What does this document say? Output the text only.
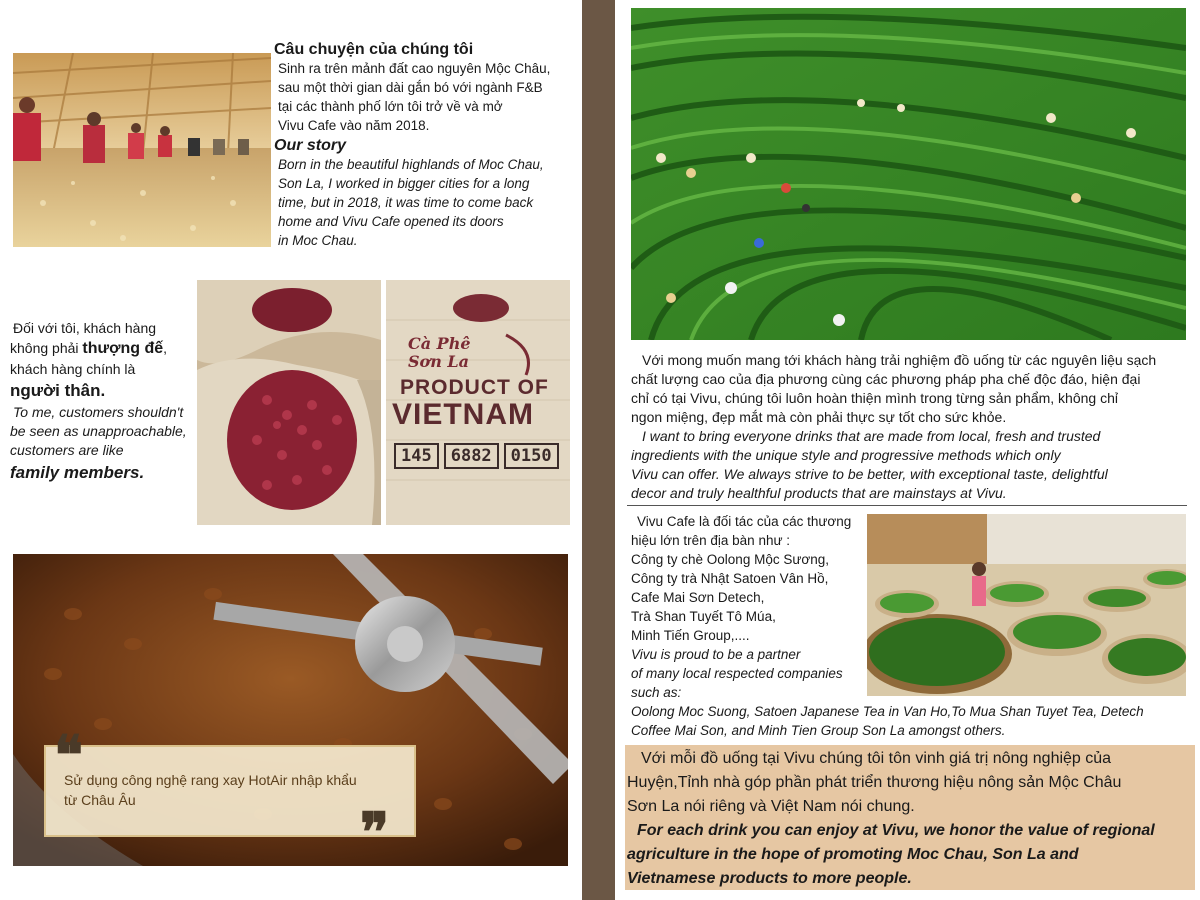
Câu chuyện của chúng tôi
Sinh ra trên mảnh đất cao nguyên Mộc Châu,
sau một thời gian dài gắn bó với ngành F&B
tại các thành phố lớn tôi trở về và mở
Vivu Cafe vào năm 2018.
Our story
Born in the beautiful highlands of Moc Chau,
Son La, I worked in bigger cities for a long
time, but in 2018, it was time to come back
home and Vivu Cafe opened its doors
in Moc Chau.
Đối với tôi, khách hàng
không phải thượng đế,
khách hàng chính là
người thân.
To me, customers shouldn't
be seen as unapproachable,
customers are like
family members.
Cà Phê Sơn La
PRODUCT OF
VIETNAM
145	6882	0150
❝
Sử dụng công nghệ rang xay HotAir nhập khẩu
từ Châu Âu	❞
Với mong muốn mang tới khách hàng trải nghiệm đồ uống từ các nguyên liệu sạch
chất lượng cao của địa phương cùng các phương pháp pha chế độc đáo, hiện đại
chỉ có tại Vivu, chúng tôi luôn hoàn thiện mình trong từng sản phẩm, không chỉ
ngon miệng, đẹp mắt mà còn phải thực sự tốt cho sức khỏe.
I want to bring everyone drinks that are made from local, fresh and trusted
ingredients with the unique style and progressive methods which only
Vivu can offer. We always strive to be better, with exceptional taste, delightful
decor and truly healthful products that are mainstays at Vivu.
Vivu Cafe là đối tác của các thương
hiệu lớn trên địa bàn như :
Công ty chè Oolong Mộc Sương,
Công ty trà Nhật Satoen Vân Hồ,
Cafe Mai Sơn Detech,
Trà Shan Tuyết Tô Múa,
Minh Tiến Group,....
Vivu is proud to be a partner
of many local respected companies
such as:
Oolong Moc Suong, Satoen Japanese Tea in Van Ho,To Mua Shan Tuyet Tea, Detech
Coffee Mai Son, and Minh Tien Group Son La amongst others.
Với mỗi đồ uống tại Vivu chúng tôi tôn vinh giá trị nông nghiệp của
Huyện,Tỉnh nhà góp phần phát triển thương hiệu nông sản Mộc Châu
Sơn La nói riêng và Việt Nam nói chung.
For each drink you can enjoy at Vivu, we honor the value of regional
agriculture in the hope of promoting Moc Chau, Son La and
Vietnamese products to more people.
